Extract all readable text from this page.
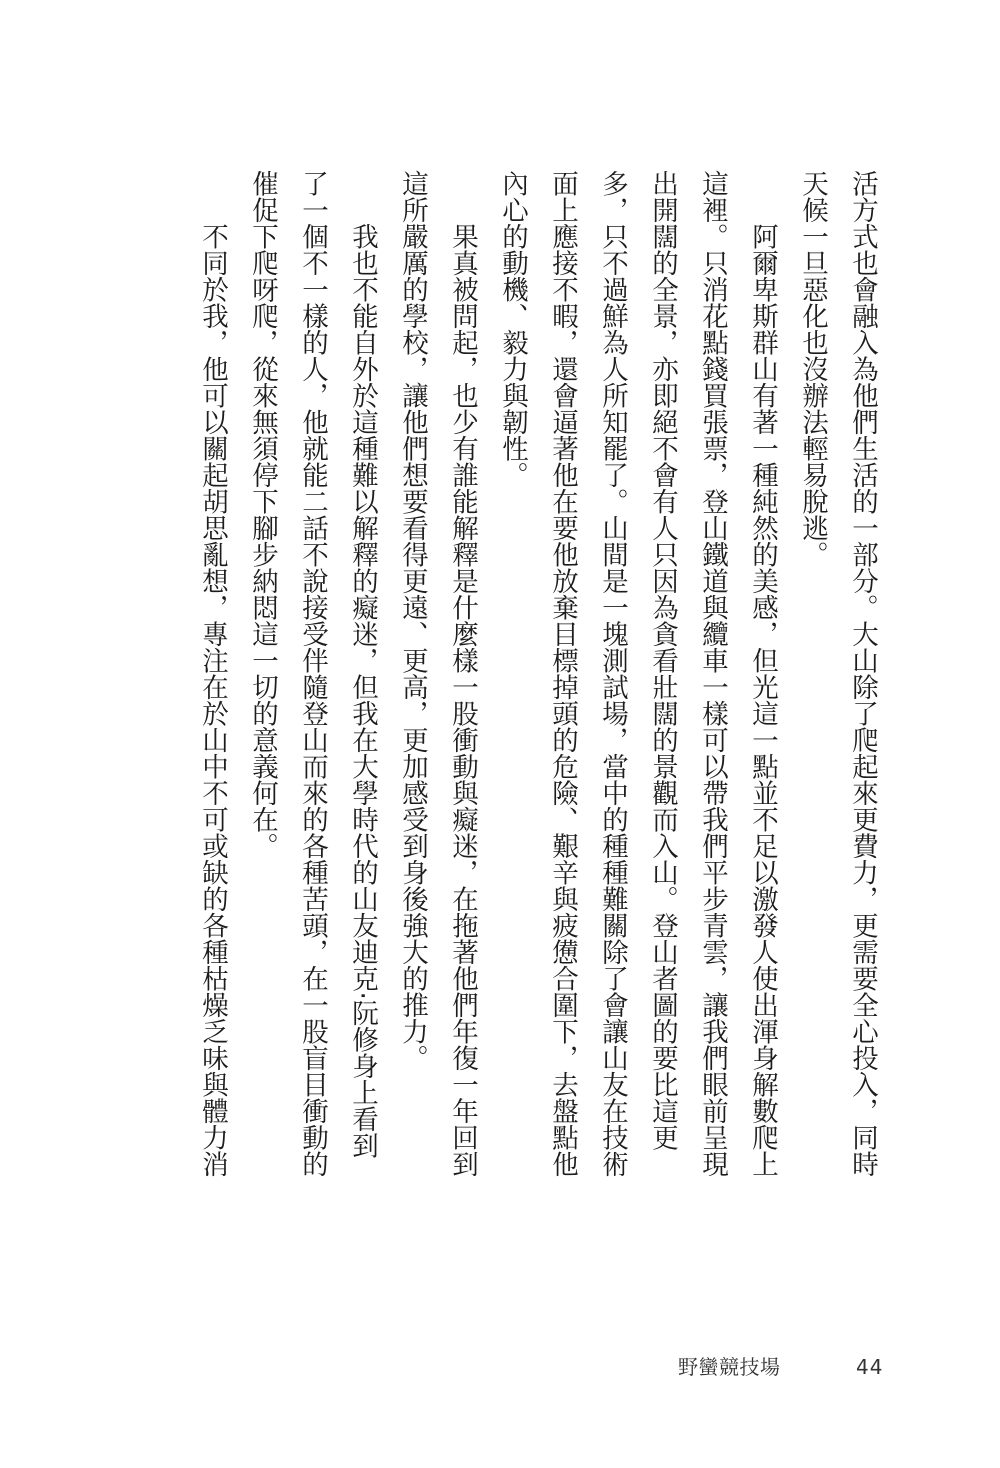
活方式也會融入為他們生活的一部分。大山除了爬起來更費力，更需要全心投入，同時
天候一旦惡化也沒辦法輕易脫逃。
阿爾卑斯群山有著一種純然的美感，但光這一點並不足以激發人使出渾身解數爬上
這裡。只消花點錢買張票，登山鐵道與纜車一樣可以帶我們平步青雲，讓我們眼前呈現
出開闊的全景，亦即絕不會有人只因為貪看壯闊的景觀而入山。登山者圖的要比這更
多，只不過鮮為人所知罷了。山間是一塊測試場，當中的種種難關除了會讓山友在技術
面上應接不暇，還會逼著他在要他放棄目標掉頭的危險、艱辛與疲憊合圍下，去盤點他
內心的動機、毅力與韌性。
果真被問起，也少有誰能解釋是什麼樣一股衝動與癡迷，在拖著他們年復一年回到
這所嚴厲的學校，讓他們想要看得更遠、更高，更加感受到身後強大的推力。
我也不能自外於這種難以解釋的癡迷，但我在大學時代的山友迪克·阮修身上看到
了一個不一樣的人，他就能二話不說接受伴隨登山而來的各種苦頭，在一股盲目衝動的
催促下爬呀爬，從來無須停下腳步納悶這一切的意義何在。
不同於我，他可以關起胡思亂想，專注在於山中不可或缺的各種枯燥乏味與體力消
野蠻競技場	44
